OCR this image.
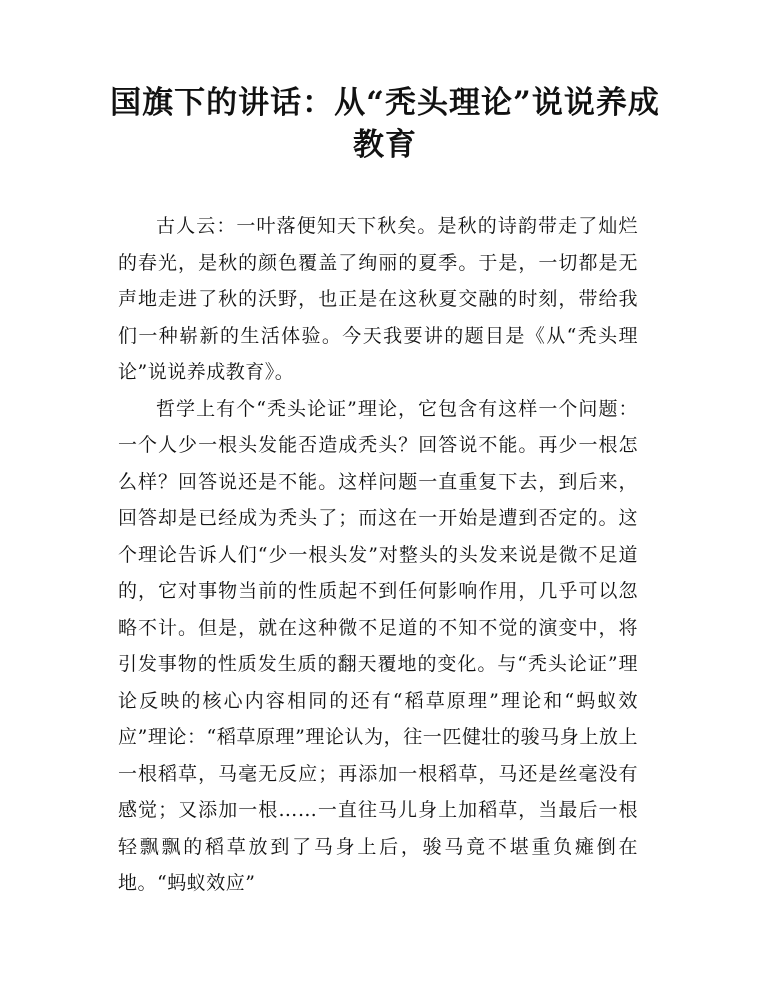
国旗下的讲话：从“秃头理论”说说养成教育

古人云：一叶落便知天下秋矣。是秋的诗韵带走了灿烂的春光，是秋的颜色覆盖了绚丽的夏季。于是，一切都是无声地走进了秋的沃野，也正是在这秋夏交融的时刻，带给我们一种崭新的生活体验。今天我要讲的题目是《从“秃头理论”说说养成教育》。

哲学上有个“秃头论证”理论，它包含有这样一个问题：一个人少一根头发能否造成秃头？回答说不能。再少一根怎么样？回答说还是不能。这样问题一直重复下去，到后来，回答却是已经成为秃头了；而这在一开始是遭到否定的。这个理论告诉人们“少一根头发”对整头的头发来说是微不足道的，它对事物当前的性质起不到任何影响作用，几乎可以忽略不计。但是，就在这种微不足道的不知不觉的演变中，将引发事物的性质发生质的翻天覆地的变化。与“秃头论证”理论反映的核心内容相同的还有“稻草原理”理论和“蚂蚁效应”理论：“稻草原理”理论认为，往一匹健壮的骏马身上放上一根稻草，马毫无反应；再添加一根稻草，马还是丝毫没有感觉；又添加一根……一直往马儿身上加稻草，当最后一根轻飘飘的稻草放到了马身上后，骏马竟不堪重负瘫倒在地。“蚂蚁效应”
